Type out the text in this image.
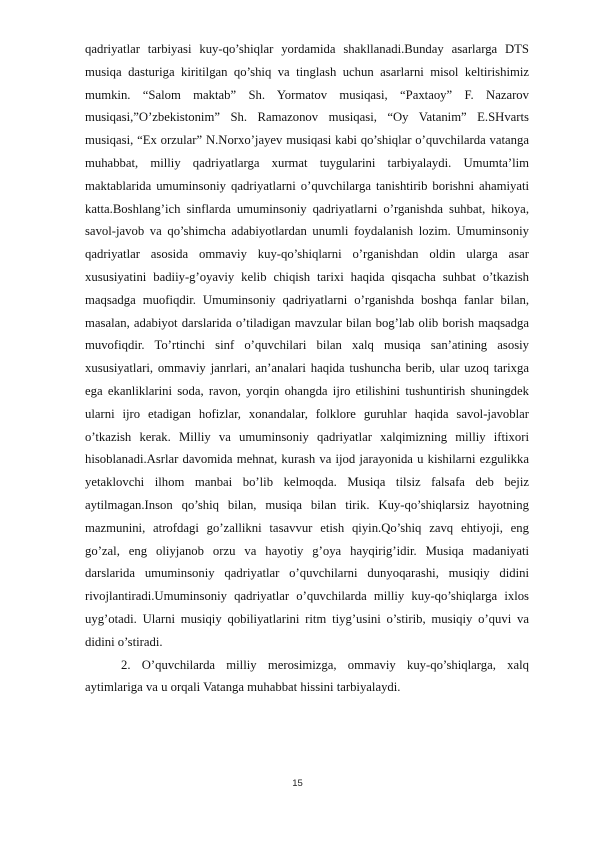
qadriyatlar tarbiyasi kuy-qo’shiqlar yordamida shakllanadi.Bunday asarlarga DTS musiqa dasturiga kiritilgan qo’shiq va tinglash uchun asarlarni misol keltirishimiz mumkin. “Salom maktab” Sh. Yormatov musiqasi, “Paxtaoy” F. Nazarov musiqasi,”O’zbekistonim” Sh. Ramazonov musiqasi, “Oy Vatanim” E.SHvarts musiqasi, “Ex orzular” N.Norxo’jayev musiqasi kabi qo’shiqlar o’quvchilarda vatanga muhabbat, milliy qadriyatlarga xurmat tuygularini tarbiyalaydi. Umumta’lim maktablarida umuminsoniy qadriyatlarni o’quvchilarga tanishtirib borishni ahamiyati katta.Boshlang’ich sinflarda umuminsoniy qadriyatlarni o’rganishda suhbat, hikoya, savol-javob va qo’shimcha adabiyotlardan unumli foydalanish lozim. Umuminsoniy qadriyatlar asosida ommaviy kuy-qo’shiqlarni o’rganishdan oldin ularga asar xususiyatini badiiy-g’oyaviy kelib chiqish tarixi haqida qisqacha suhbat o’tkazish maqsadga muofiqdir. Umuminsoniy qadriyatlarni o’rganishda boshqa fanlar bilan, masalan, adabiyot darslarida o’tiladigan mavzular bilan bog’lab olib borish maqsadga muvofiqdir. To’rtinchi sinf o’quvchilari bilan xalq musiqa san’atining asosiy xususiyatlari, ommaviy janrlari, an’analari haqida tushuncha berib, ular uzoq tarixga ega ekanliklarini soda, ravon, yorqin ohangda ijro etilishini tushuntirish shuningdek ularni ijro etadigan hofizlar, xonandalar, folklore guruhlar haqida savol-javoblar o’tkazish kerak. Milliy va umuminsoniy qadriyatlar xalqimizning milliy iftixori hisoblanadi.Asrlar davomida mehnat, kurash va ijod jarayonida u kishilarni ezgulikka yetaklovchi ilhom manbai bo’lib kelmoqda. Musiqa tilsiz falsafa deb bejiz aytilmagan.Inson qo’shiq bilan, musiqa bilan tirik. Kuy-qo’shiqlarsiz hayotning mazmunini, atrofdagi go’zallikni tasavvur etish qiyin.Qo’shiq zavq ehtiyoji, eng go’zal, eng oliyjanob orzu va hayotiy g’oya hayqirig’idir. Musiqa madaniyati darslarida umuminsoniy qadriyatlar o’quvchilarni dunyoqarashi, musiqiy didini rivojlantiradi.Umuminsoniy qadriyatlar o’quvchilarda milliy kuy-qo’shiqlarga ixlos uyg’otadi. Ularni musiqiy qobiliyatlarini ritm tiyg’usini o’stirib, musiqiy o’quvi va didini o’stiradi.

2. O’quvchilarda milliy merosimizga, ommaviy kuy-qo’shiqlarga, xalq aytimlariga va u orqali Vatanga muhabbat hissini tarbiyalaydi.

15
